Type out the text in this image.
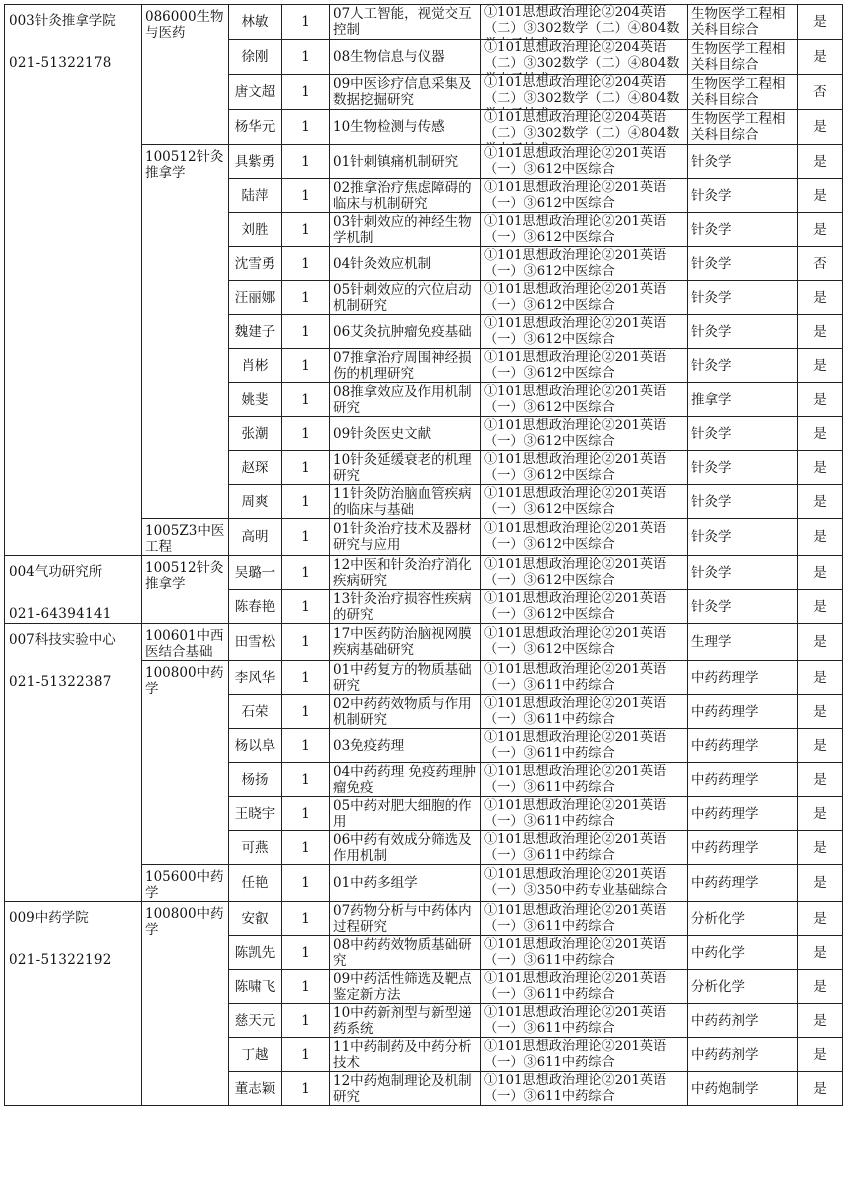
003针灸推拿学院
021-51322178	086000生物与医药	林敏	1	07人工智能，视觉交互控制	①101思想政治理论②204英语（二）③302数学（二）④804数	生物医学工程相关科目综合	是

		徐刚	1	08生物信息与仪器	①101思想政治理论②204英语（二）③302数学（二）④804数	生物医学工程相关科目综合	是

		唐文超	1	09中医诊疗信息采集及数据挖掘研究	①101思想政治理论②204英语（二）③302数学（二）④804数	生物医学工程相关科目综合	否

		杨华元	1	10生物检测与传感	①101思想政治理论②204英语（二）③302数学（二）④804数	生物医学工程相关科目综合	是

	100512针灸推拿学	具紫勇	1	01针刺镇痛机制研究	①101思想政治理论②201英语（一）③612中医综合	针灸学	是

		陆萍	1	02推拿治疗焦虑障碍的临床与机制研究	①101思想政治理论②201英语（一）③612中医综合	针灸学	是

		刘胜	1	03针刺效应的神经生物学机制	①101思想政治理论②201英语（一）③612中医综合	针灸学	是

		沈雪勇	1	04针灸效应机制	①101思想政治理论②201英语（一）③612中医综合	针灸学	否

		汪丽娜	1	05针刺效应的穴位启动机制研究	①101思想政治理论②201英语（一）③612中医综合	针灸学	是

		魏建子	1	06艾灸抗肿瘤免疫基础	①101思想政治理论②201英语（一）③612中医综合	针灸学	是

		肖彬	1	07推拿治疗周围神经损伤的机理研究	①101思想政治理论②201英语（一）③612中医综合	针灸学	是

		姚斐	1	08推拿效应及作用机制研究	①101思想政治理论②201英语（一）③612中医综合	推拿学	是

		张潮	1	09针灸医史文献	①101思想政治理论②201英语（一）③612中医综合	针灸学	是

		赵琛	1	10针灸延缓衰老的机理研究	①101思想政治理论②201英语（一）③612中医综合	针灸学	是

		周爽	1	11针灸防治脑血管疾病的临床与基础	①101思想政治理论②201英语（一）③612中医综合	针灸学	是

	1005Z3中医工程	高明	1	01针灸治疗技术及器材研究与应用	①101思想政治理论②201英语（一）③612中医综合	针灸学	是

004气功研究所
021-64394141	100512针灸推拿学	吴璐一	1	12中医和针灸治疗消化疾病研究	①101思想政治理论②201英语（一）③612中医综合	针灸学	是

		陈春艳	1	13针灸治疗损容性疾病的研究	①101思想政治理论②201英语（一）③612中医综合	针灸学	是

007科技实验中心
021-51322387	100601中西医结合基础	田雪松	1	17中医药防治脑视网膜疾病基础研究	①101思想政治理论②201英语（一）③612中医综合	生理学	是

	100800中药学	李风华	1	01中药复方的物质基础研究	①101思想政治理论②201英语（一）③611中药综合	中药药理学	是

		石荣	1	02中药药效物质与作用机制研究	①101思想政治理论②201英语（一）③611中药综合	中药药理学	是

		杨以阜	1	03免疫药理	①101思想政治理论②201英语（一）③611中药综合	中药药理学	是

		杨扬	1	04中药药理 免疫药理肿瘤免疫	①101思想政治理论②201英语（一）③611中药综合	中药药理学	是

		王晓宇	1	05中药对肥大细胞的作用	①101思想政治理论②201英语（一）③611中药综合	中药药理学	是

		可燕	1	06中药有效成分筛选及作用机制	①101思想政治理论②201英语（一）③611中药综合	中药药理学	是

	105600中药学	任艳	1	01中药多组学	①101思想政治理论②201英语（一）③350中药专业基础综合	中药药理学	是

009中药学院
021-51322192	100800中药学	安叡	1	07药物分析与中药体内过程研究	①101思想政治理论②201英语（一）③611中药综合	分析化学	是

		陈凯先	1	08中药药效物质基础研究	①101思想政治理论②201英语（一）③611中药综合	中药化学	是

		陈啸飞	1	09中药活性筛选及靶点鉴定新方法	①101思想政治理论②201英语（一）③611中药综合	分析化学	是

		慈天元	1	10中药新剂型与新型递药系统	①101思想政治理论②201英语（一）③611中药综合	中药药剂学	是

		丁越	1	11中药制药及中药分析技术	①101思想政治理论②201英语（一）③611中药综合	中药药剂学	是

		董志颖	1	12中药炮制理论及机制研究	①101思想政治理论②201英语（一）③611中药综合	中药炮制学	是
